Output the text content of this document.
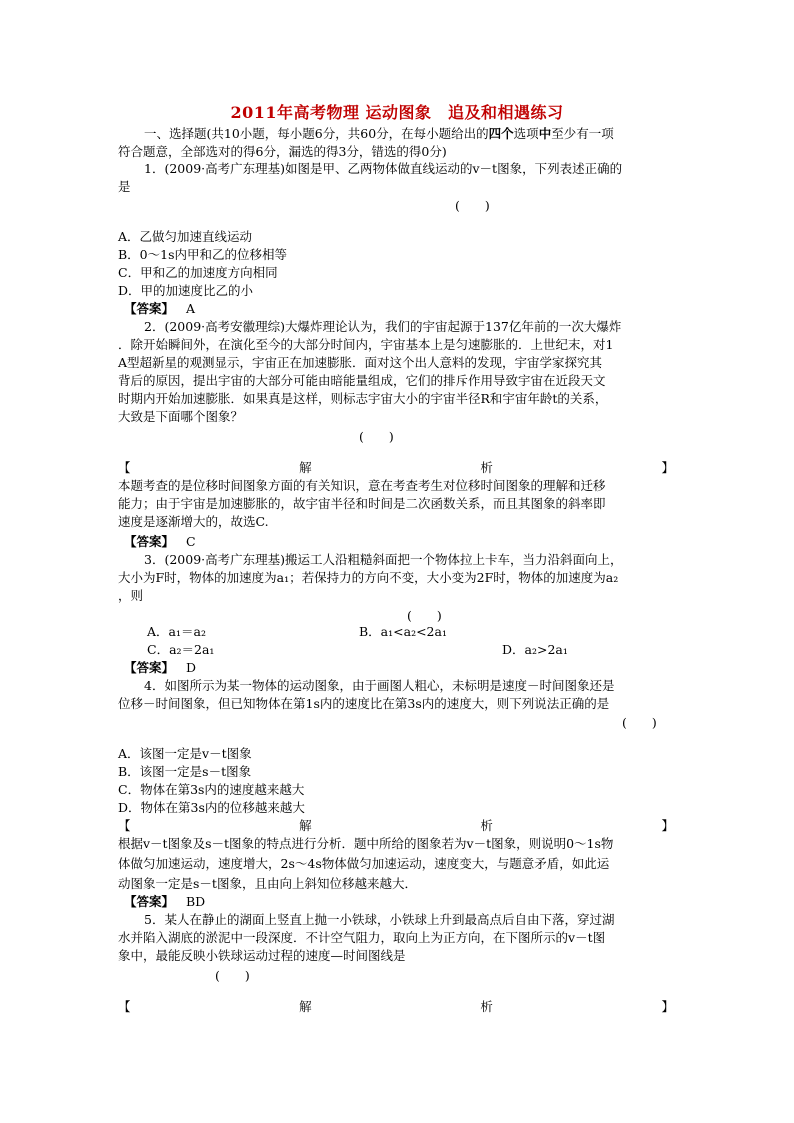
2011年高考物理 运动图象　追及和相遇练习
一、选择题(共10小题，每小题6分，共60分，在每小题给出的四个选项中至少有一项
符合题意，全部选对的得6分，漏选的得3分，错选的得0分)
1．(2009·高考广东理基)如图是甲、乙两物体做直线运动的v－t图象，下列表述正确的
是
(　　)
A．乙做匀加速直线运动
B．0～1s内甲和乙的位移相等
C．甲和乙的加速度方向相同
D．甲的加速度比乙的小
【答案】 A
2．(2009·高考安徽理综)大爆炸理论认为，我们的宇宙起源于137亿年前的一次大爆炸
．除开始瞬间外，在演化至今的大部分时间内，宇宙基本上是匀速膨胀的．上世纪末，对1
A型超新星的观测显示，宇宙正在加速膨胀．面对这个出人意料的发现，宇宙学家探究其
背后的原因，提出宇宙的大部分可能由暗能量组成，它们的排斥作用导致宇宙在近段天文
时期内开始加速膨胀．如果真是这样，则标志宇宙大小的宇宙半径R和宇宙年龄t的关系，
大致是下面哪个图象？
(　　)
【	解	析	】
本题考查的是位移时间图象方面的有关知识，意在考查考生对位移时间图象的理解和迁移
能力；由于宇宙是加速膨胀的，故宇宙半径和时间是二次函数关系，而且其图象的斜率即
速度是逐渐增大的，故选C.
【答案】 C
3．(2009·高考广东理基)搬运工人沿粗糙斜面把一个物体拉上卡车，当力沿斜面向上，
大小为F时，物体的加速度为a₁；若保持力的方向不变，大小变为2F时，物体的加速度为a₂
，则
(　　)
A．a₁＝a₂	B．a₁<a₂<2a₁
C．a₂＝2a₁	D．a₂>2a₁
【答案】 D
4．如图所示为某一物体的运动图象，由于画图人粗心，未标明是速度－时间图象还是
位移－时间图象，但已知物体在第1s内的速度比在第3s内的速度大，则下列说法正确的是
(　　)
A．该图一定是v－t图象
B．该图一定是s－t图象
C．物体在第3s内的速度越来越大
D．物体在第3s内的位移越来越大
【	解	析	】
根据v－t图象及s－t图象的特点进行分析．题中所给的图象若为v－t图象，则说明0～1s物
体做匀加速运动，速度增大，2s～4s物体做匀加速运动，速度变大，与题意矛盾，如此运
动图象一定是s－t图象，且由向上斜知位移越来越大．
【答案】 BD
5．某人在静止的湖面上竖直上抛一小铁球，小铁球上升到最高点后自由下落，穿过湖
水并陷入湖底的淤泥中一段深度．不计空气阻力，取向上为正方向，在下图所示的v－t图
象中，最能反映小铁球运动过程的速度—时间图线是
(　　)
【	解	析	】
